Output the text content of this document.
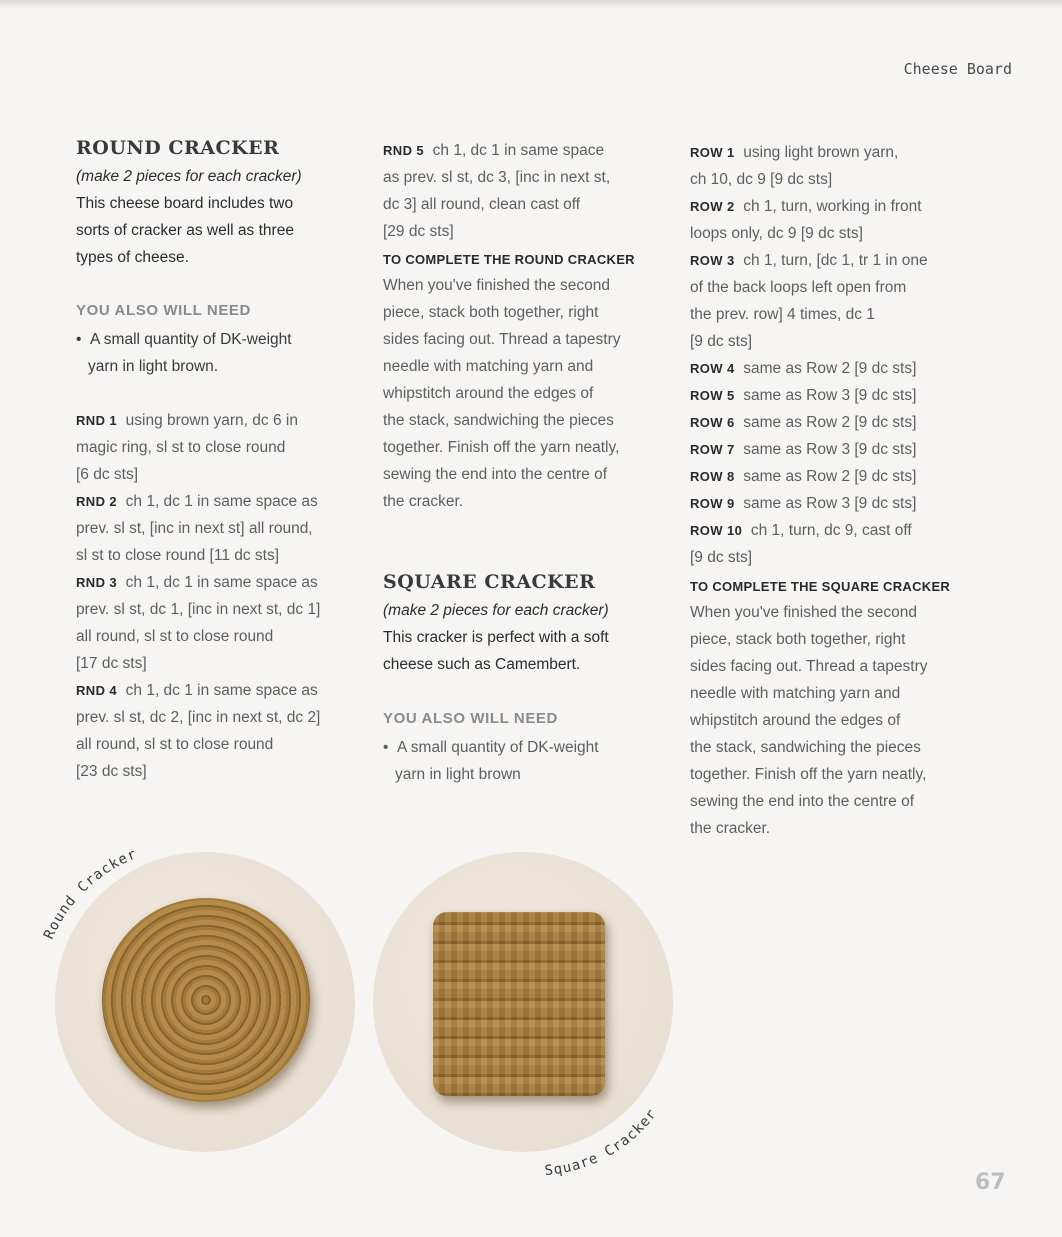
Cheese Board
ROUND CRACKER
(make 2 pieces for each cracker)
This cheese board includes two
sorts of cracker as well as three
types of cheese.
YOU ALSO WILL NEED
• A small quantity of DK-weight
yarn in light brown.
RND 1 using brown yarn, dc 6 in
magic ring, sl st to close round
[6 dc sts]
RND 2 ch 1, dc 1 in same space as
prev. sl st, [inc in next st] all round,
sl st to close round [11 dc sts]
RND 3 ch 1, dc 1 in same space as
prev. sl st, dc 1, [inc in next st, dc 1]
all round, sl st to close round
[17 dc sts]
RND 4 ch 1, dc 1 in same space as
prev. sl st, dc 2, [inc in next st, dc 2]
all round, sl st to close round
[23 dc sts]
RND 5 ch 1, dc 1 in same space
as prev. sl st, dc 3, [inc in next st,
dc 3] all round, clean cast off
[29 dc sts]
TO COMPLETE THE ROUND CRACKER
When you've finished the second
piece, stack both together, right
sides facing out. Thread a tapestry
needle with matching yarn and
whipstitch around the edges of
the stack, sandwiching the pieces
together. Finish off the yarn neatly,
sewing the end into the centre of
the cracker.
SQUARE CRACKER
(make 2 pieces for each cracker)
This cracker is perfect with a soft
cheese such as Camembert.
YOU ALSO WILL NEED
• A small quantity of DK-weight
yarn in light brown
ROW 1 using light brown yarn,
ch 10, dc 9 [9 dc sts]
ROW 2 ch 1, turn, working in front
loops only, dc 9 [9 dc sts]
ROW 3 ch 1, turn, [dc 1, tr 1 in one
of the back loops left open from
the prev. row] 4 times, dc 1
[9 dc sts]
ROW 4 same as Row 2 [9 dc sts]
ROW 5 same as Row 3 [9 dc sts]
ROW 6 same as Row 2 [9 dc sts]
ROW 7 same as Row 3 [9 dc sts]
ROW 8 same as Row 2 [9 dc sts]
ROW 9 same as Row 3 [9 dc sts]
ROW 10 ch 1, turn, dc 9, cast off
[9 dc sts]
TO COMPLETE THE SQUARE CRACKER
When you've finished the second
piece, stack both together, right
sides facing out. Thread a tapestry
needle with matching yarn and
whipstitch around the edges of
the stack, sandwiching the pieces
together. Finish off the yarn neatly,
sewing the end into the centre of
the cracker.
Round Cracker
Square Cracker
67
